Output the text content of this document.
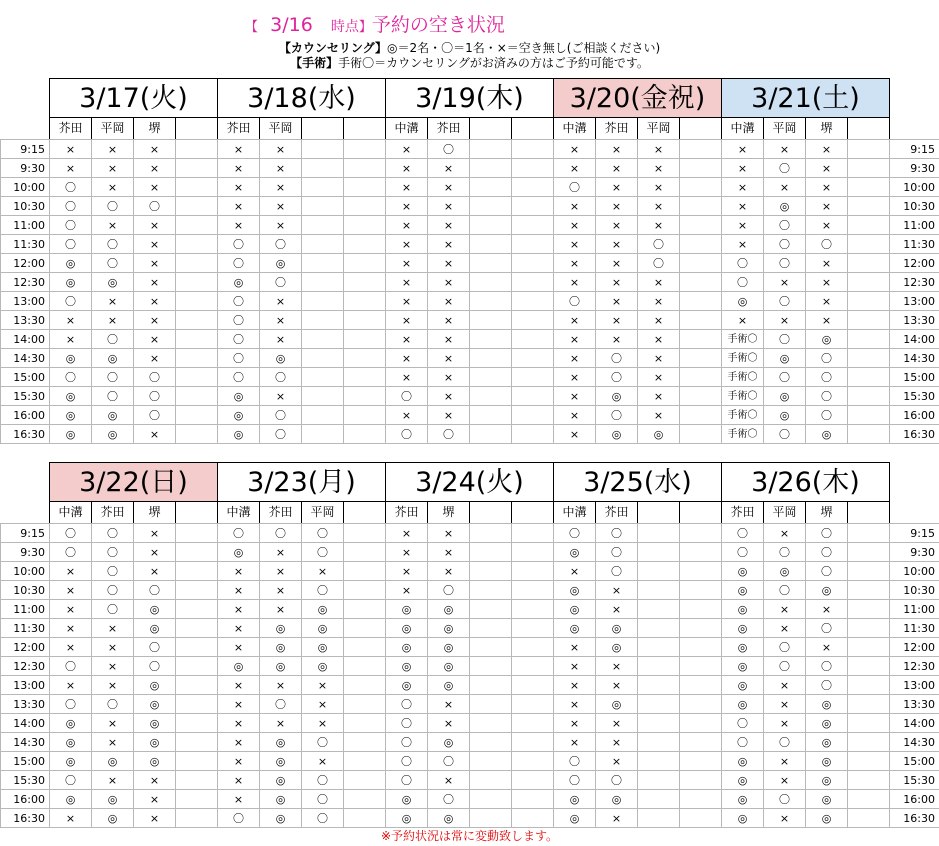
【 3/16 時点】予約の空き状況
【カウンセリング】◎＝2名・〇＝1名・×＝空き無し(ご相談ください)
【手術】手術〇＝カウンセリングがお済みの方はご予約可能です。
3/17(火)
芥田	平岡	堺
3/18(水)
芥田	平岡
3/19(木)
中溝	芥田
3/20(金祝)
中溝	芥田	平岡
3/21(土)
中溝	平岡	堺
9:15	×	×	×		×	×			×	〇			×	×	×		×	×	×		9:15
9:30	×	×	×		×	×			×	×			×	×	×		×	〇	×		9:30
10:00	〇	×	×		×	×			×	×			〇	×	×		×	×	×		10:00
10:30	〇	〇	〇		×	×			×	×			×	×	×		×	◎	×		10:30
11:00	〇	×	×		×	×			×	×			×	×	×		×	〇	×		11:00
11:30	〇	〇	×		〇	〇			×	×			×	×	〇		×	〇	〇		11:30
12:00	◎	〇	×		〇	◎			×	×			×	×	〇		〇	〇	×		12:00
12:30	◎	◎	×		◎	〇			×	×			×	×	×		〇	×	×		12:30
13:00	〇	×	×		〇	×			×	×			〇	×	×		◎	〇	×		13:00
13:30	×	×	×		〇	×			×	×			×	×	×		×	×	×		13:30
14:00	×	〇	×		〇	×			×	×			×	×	×		手術〇	〇	◎		14:00
14:30	◎	◎	×		〇	◎			×	×			×	〇	×		手術〇	◎	〇		14:30
15:00	〇	〇	〇		〇	〇			×	×			×	〇	×		手術〇	〇	〇		15:00
15:30	◎	〇	〇		◎	×			〇	×			×	◎	×		手術〇	◎	〇		15:30
16:00	◎	◎	〇		◎	〇			×	×			×	〇	×		手術〇	◎	〇		16:00
16:30	◎	◎	×		◎	〇			〇	〇			×	◎	◎		手術〇	〇	◎		16:30
3/22(日)
中溝	芥田	堺
3/23(月)
中溝	芥田	平岡
3/24(火)
芥田	堺
3/25(水)
中溝	芥田
3/26(木)
芥田	平岡	堺
9:15	〇	〇	×		〇	〇	〇		×	×			〇	〇			〇	×	〇		9:15
9:30	〇	〇	×		◎	×	〇		×	×			◎	〇			〇	〇	〇		9:30
10:00	×	〇	×		×	×	×		×	×			×	〇			◎	◎	〇		10:00
10:30	×	〇	〇		×	×	〇		×	〇			◎	×			◎	〇	◎		10:30
11:00	×	〇	◎		×	×	◎		◎	◎			◎	×			◎	×	×		11:00
11:30	×	×	◎		×	◎	◎		◎	◎			◎	◎			◎	×	〇		11:30
12:00	×	×	〇		×	◎	◎		◎	◎			×	◎			◎	〇	×		12:00
12:30	〇	×	〇		◎	◎	◎		◎	◎			×	×			◎	〇	〇		12:30
13:00	×	×	◎		×	×	×		◎	◎			×	×			◎	×	〇		13:00
13:30	〇	〇	◎		×	〇	×		〇	×			×	◎			◎	×	◎		13:30
14:00	◎	×	◎		×	×	×		〇	×			×	×			〇	×	◎		14:00
14:30	◎	×	◎		×	◎	〇		〇	◎			×	×			〇	〇	◎		14:30
15:00	◎	◎	◎		×	◎	×		〇	〇			〇	×			◎	×	◎		15:00
15:30	〇	×	×		×	◎	〇		〇	×			〇	〇			◎	×	◎		15:30
16:00	◎	◎	×		×	◎	〇		◎	〇			◎	◎			◎	〇	◎		16:00
16:30	×	◎	×		〇	◎	〇		◎	◎			◎	×			◎	×	◎		16:30
※予約状況は常に変動致します。
